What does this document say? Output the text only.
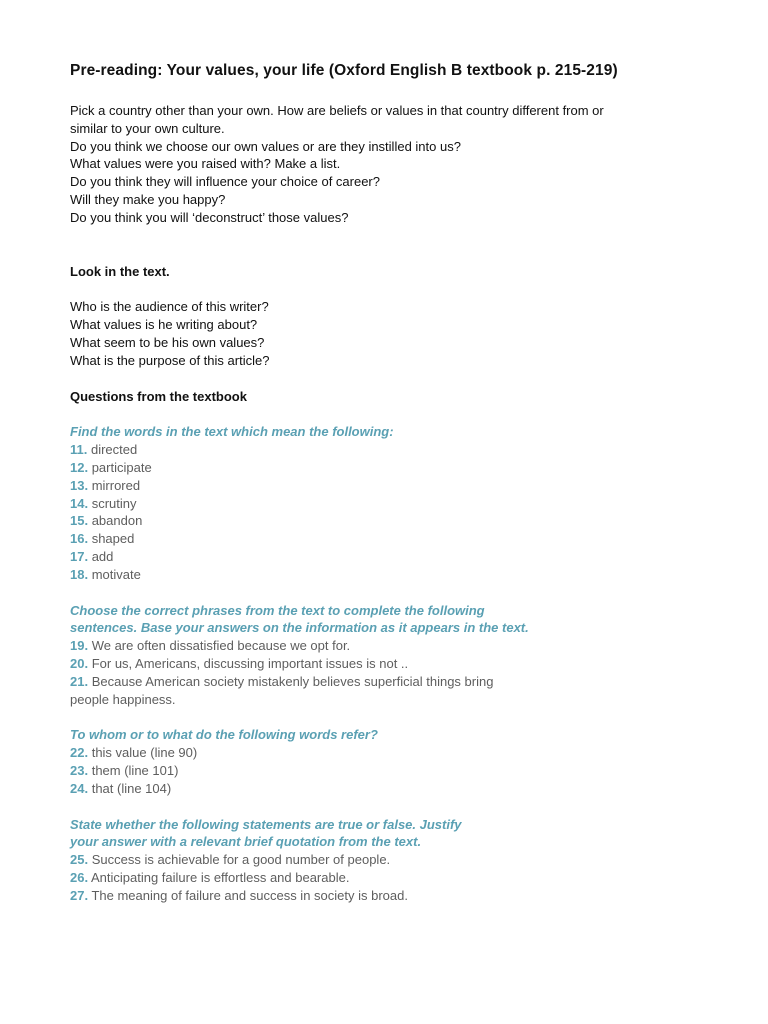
Pre-reading: Your values, your life (Oxford English B textbook p. 215-219)

Pick a country other than your own. How are beliefs or values in that country different from or

similar to your own culture.

Do you think we choose our own values or are they instilled into us?

What values were you raised with? Make a list.

Do you think they will influence your choice of career?

Will they make you happy?

Do you think you will ‘deconstruct’ those values?

Look in the text.

Who is the audience of this writer?

What values is he writing about?

What seem to be his own values?

What is the purpose of this article?

Questions from the textbook

Find the words in the text which mean the following:

11. directed

12. participate

13. mirrored

14. scrutiny

15. abandon

16. shaped

17. add

18. motivate

Choose the correct phrases from the text to complete the following

sentences. Base your answers on the information as it appears in the text.

19. We are often dissatisfied because we opt for.

20. For us, Americans, discussing important issues is not ..

21. Because American society mistakenly believes superficial things bring

people happiness.

To whom or to what do the following words refer?

22. this value (line 90)

23. them (line 101)

24. that (line 104)

State whether the following statements are true or false. Justify

your answer with a relevant brief quotation from the text.

25. Success is achievable for a good number of people.

26. Anticipating failure is effortless and bearable.

27. The meaning of failure and success in society is broad.
